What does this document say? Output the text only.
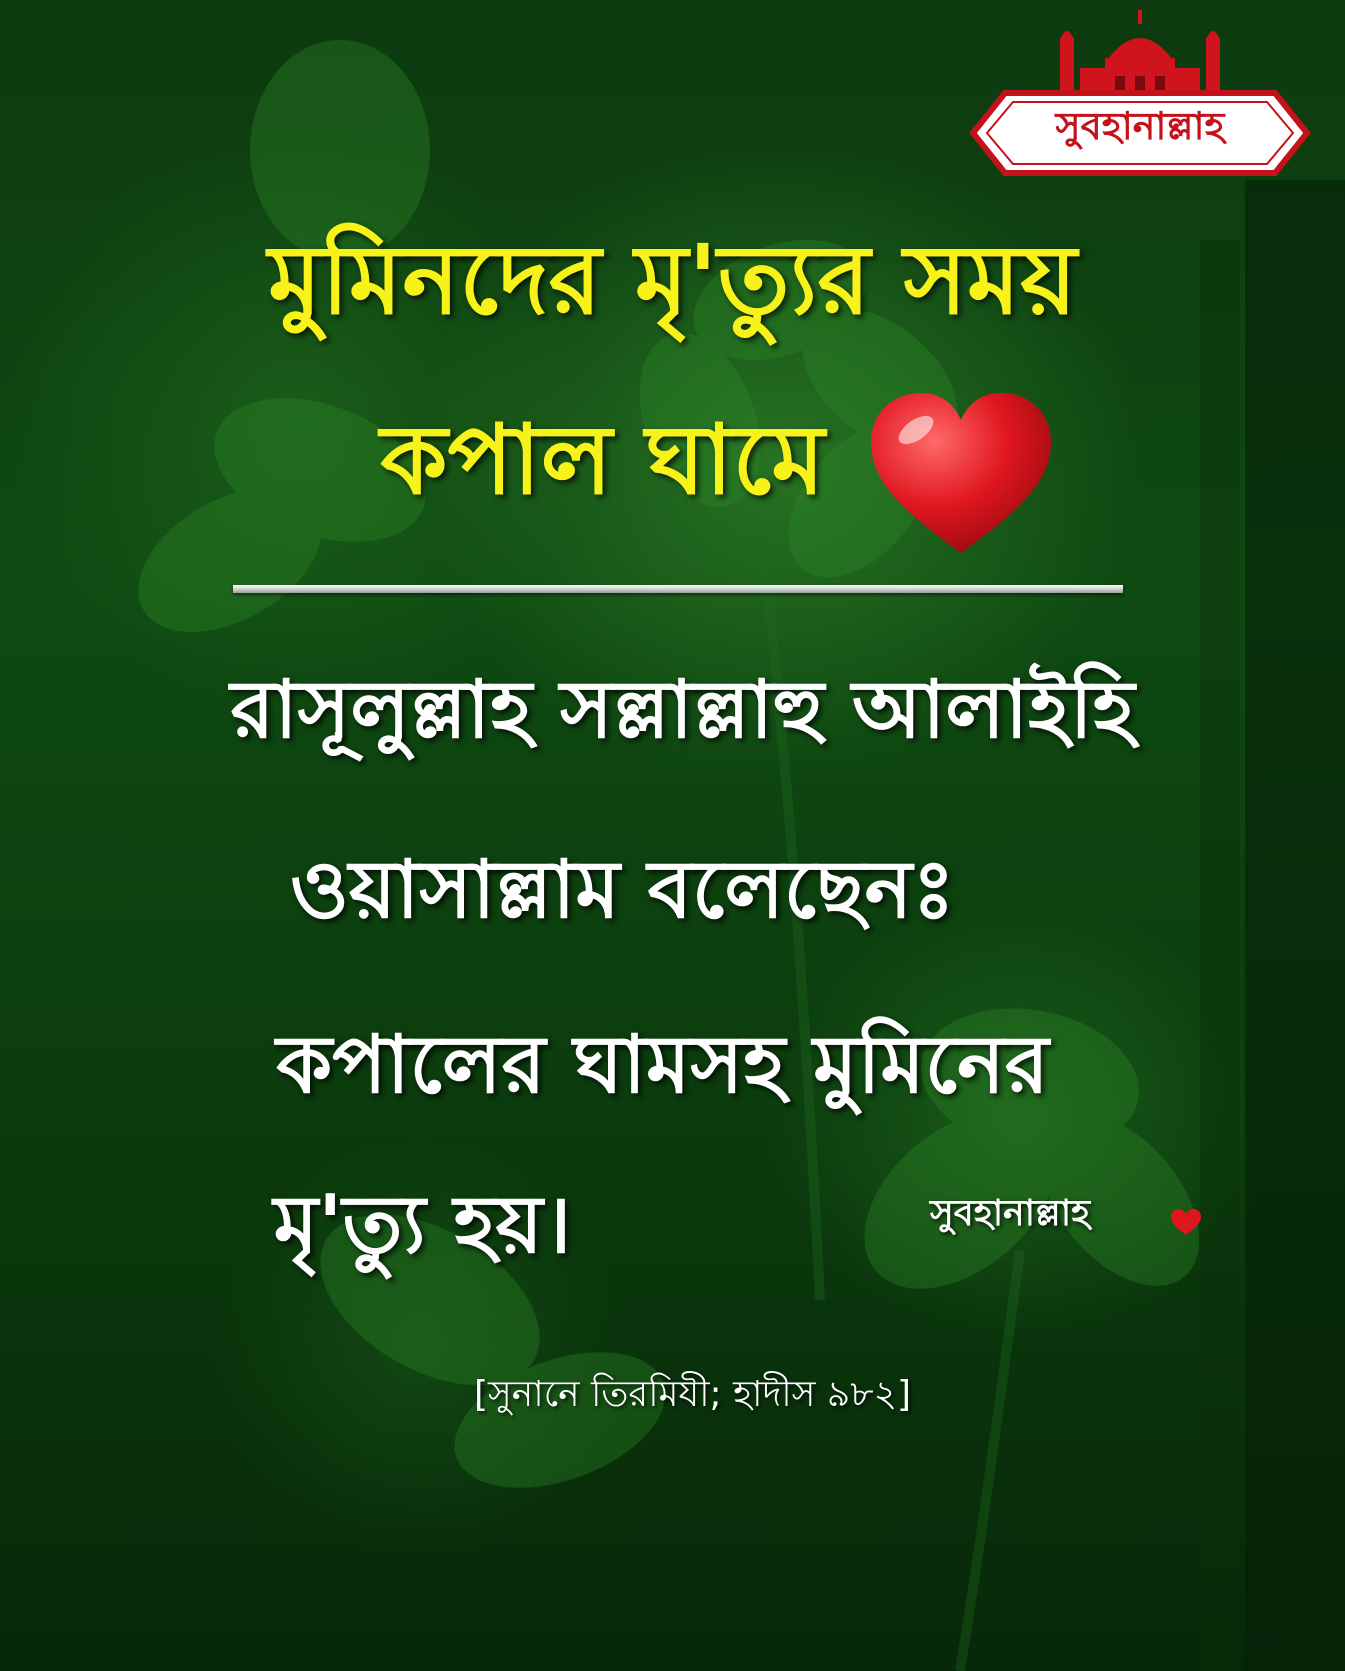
সুবহানাল্লাহ
মুমিনদের মৃ'ত্যুর সময়
কপাল ঘামে
রাসূলুল্লাহ সল্লাল্লাহু আলাইহি
ওয়াসাল্লাম বলেছেনঃ
কপালের ঘামসহ মুমিনের
মৃ'ত্যু হয়।	সুবহানাল্লাহ
[সুনানে তিরমিযী; হাদীস ৯৮২]
